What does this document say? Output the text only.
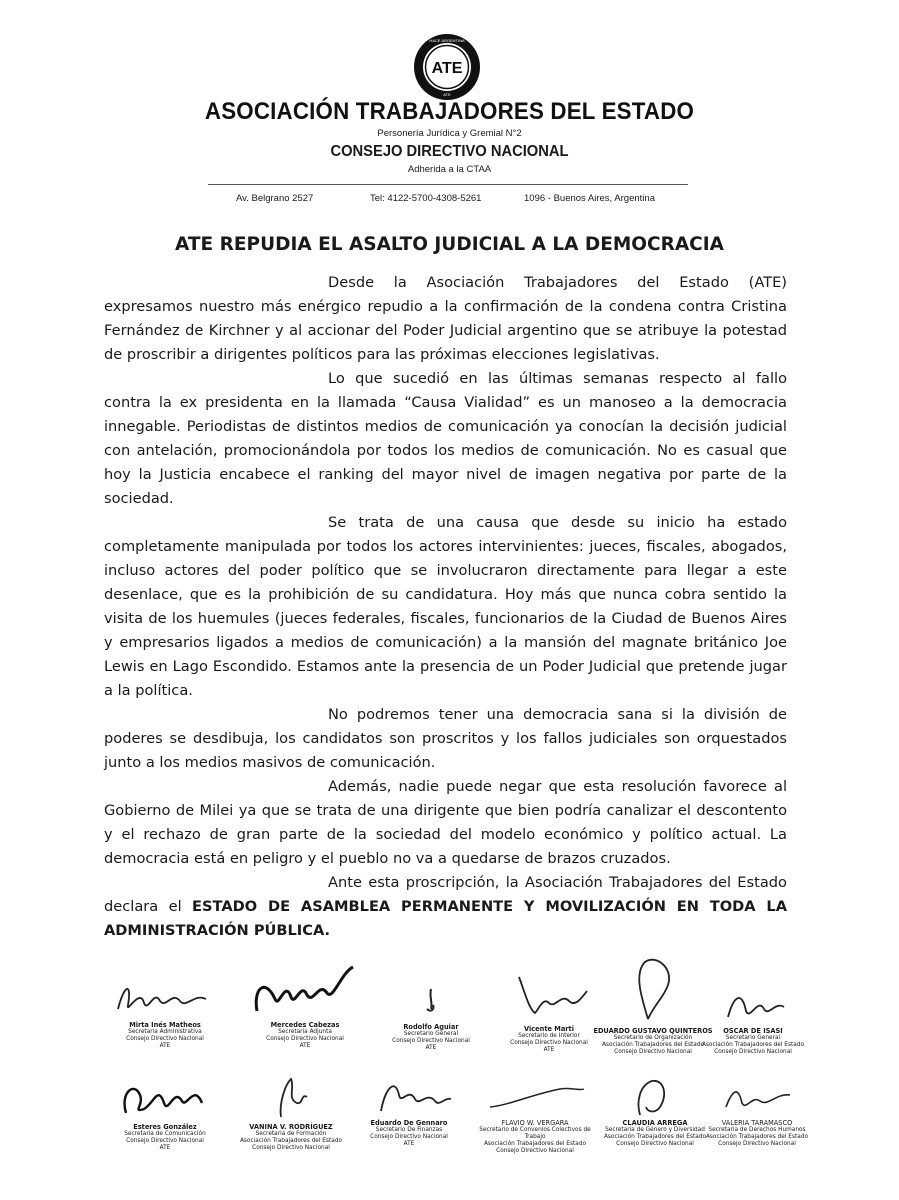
ATE
HACE ARGENTINA
ATE
ASOCIACIÓN TRABAJADORES DEL ESTADO

Personería Jurídica y Gremial N°2

CONSEJO DIRECTIVO NACIONAL

Adherida a la CTAA

Av. Belgrano 2527	Tel: 4122-5700-4308-5261	1096 - Buenos Aires, Argentina
ATE REPUDIA EL ASALTO JUDICIAL A LA DEMOCRACIA

Desde la Asociación Trabajadores del Estado (ATE) expresamos nuestro más enérgico repudio a la confirmación de la condena contra Cristina Fernández de Kirchner y al accionar del Poder Judicial argentino que se atribuye la potestad de proscribir a dirigentes políticos para las próximas elecciones legislativas.

Lo que sucedió en las últimas semanas respecto al fallo contra la ex presidenta en la llamada “Causa Vialidad” es un manoseo a la democracia innegable. Periodistas de distintos medios de comunicación ya conocían la decisión judicial con antelación, promocionándola por todos los medios de comunicación. No es casual que hoy la Justicia encabece el ranking del mayor nivel de imagen negativa por parte de la sociedad.

Se trata de una causa que desde su inicio ha estado completamente manipulada por todos los actores intervinientes: jueces, fiscales, abogados, incluso actores del poder político que se involucraron directamente para llegar a este desenlace, que es la prohibición de su candidatura. Hoy más que nunca cobra sentido la visita de los huemules (jueces federales, fiscales, funcionarios de la Ciudad de Buenos Aires y empresarios ligados a medios de comunicación) a la mansión del magnate británico Joe Lewis en Lago Escondido. Estamos ante la presencia de un Poder Judicial que pretende jugar a la política.

No podremos tener una democracia sana si la división de poderes se desdibuja, los candidatos son proscritos y los fallos judiciales son orquestados junto a los medios masivos de comunicación.

Además, nadie puede negar que esta resolución favorece al Gobierno de Milei ya que se trata de una dirigente que bien podría canalizar el descontento y el rechazo de gran parte de la sociedad del modelo económico y político actual. La democracia está en peligro y el pueblo no va a quedarse de brazos cruzados.

Ante esta proscripción, la Asociación Trabajadores del Estado declara el ESTADO DE ASAMBLEA PERMANENTE Y MOVILIZACIÓN EN TODA LA ADMINISTRACIÓN PÚBLICA.

Mirta Inés Matheos
Secretaria Administrativa
Consejo Directivo Nacional
ATE
Mercedes Cabezas
Secretaria Adjunta
Consejo Directivo Nacional
ATE
Rodolfo Aguiar
Secretario General
Consejo Directivo Nacional
ATE
Vicente Marti
Secretario de Interior
Consejo Directivo Nacional
ATE
EDUARDO GUSTAVO QUINTEROS
Secretario de Organización
Asociación Trabajadores del Estado
Consejo Directivo Nacional
OSCAR DE ISASI
Secretario General
Asociación Trabajadores del Estado
Consejo Directivo Nacional
Esteres González
Secretaria de Comunicación
Consejo Directivo Nacional
ATE
VANINA V. RODRÍGUEZ
Secretaria de Formación
Asociación Trabajadores del Estado
Consejo Directivo Nacional
Eduardo De Gennaro
Secretario De Finanzas
Consejo Directivo Nacional
ATE
FLAVIO W. VERGARA
Secretario de Convenios Colectivos de Trabajo
Asociación Trabajadores del Estado
Consejo Directivo Nacional
CLAUDIA ARREGA
Secretaria de Género y Diversidad
Asociación Trabajadores del Estado
Consejo Directivo Nacional
VALERIA TARAMASCO
Secretaria de Derechos Humanos
Asociación Trabajadores del Estado
Consejo Directivo Nacional
